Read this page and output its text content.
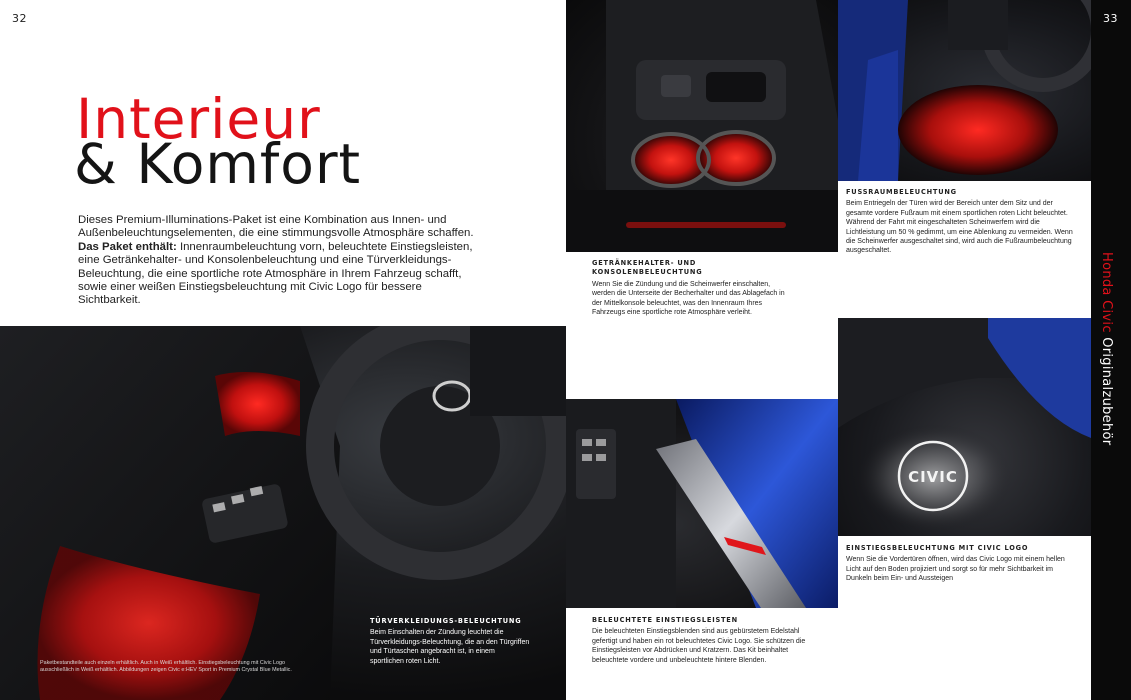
32
Interieur
& Komfort
Dieses Premium-Illuminations-Paket ist eine Kombination aus Innen- und Außenbeleuchtungselementen, die eine stimmungsvolle Atmosphäre schaffen.
Das Paket enthält: Innenraumbeleuchtung vorn, beleuchtete Einstiegsleisten, eine Getränkehalter- und Konsolenbeleuchtung und eine Türverkleidungs-Beleuchtung, die eine sportliche rote Atmosphäre in Ihrem Fahrzeug schafft, sowie einer weißen Einstiegsbeleuchtung mit Civic Logo für bessere Sichtbarkeit.
CIVIC
FUSSRAUMBELEUCHTUNG
Beim Entriegeln der Türen wird der Bereich unter dem Sitz und der gesamte vordere Fußraum mit einem sportlichen roten Licht beleuchtet. Während der Fahrt mit eingeschalteten Scheinwerfern wird die Lichtleistung um 50 % gedimmt, um eine Ablenkung zu vermeiden. Wenn die Scheinwerfer ausgeschaltet sind, wird auch die Fußraumbeleuchtung ausgeschaltet.
GETRÄNKEHALTER- UND KONSOLENBELEUCHTUNG
Wenn Sie die Zündung und die Scheinwerfer einschalten, werden die Unterseite der Becherhalter und das Ablagefach in der Mittelkonsole beleuchtet, was den Innenraum Ihres Fahrzeugs eine sportliche rote Atmosphäre verleiht.
EINSTIEGSBELEUCHTUNG MIT CIVIC LOGO
Wenn Sie die Vordertüren öffnen, wird das Civic Logo mit einem hellen Licht auf den Boden projiziert und sorgt so für mehr Sichtbarkeit im Dunkeln beim Ein- und Aussteigen
BELEUCHTETE EINSTIEGSLEISTEN
Die beleuchteten Einstiegsblenden sind aus gebürstetem Edelstahl gefertigt und haben ein rot beleuchtetes Civic Logo. Sie schützen die Einstiegsleisten vor Abdrücken und Kratzern. Das Kit beinhaltet beleuchtete vordere und unbeleuchtete hintere Blenden.
TÜRVERKLEIDUNGS-BELEUCHTUNG
Beim Einschalten der Zündung leuchtet die Türverkleidungs-Beleuchtung, die an den Türgriffen und Türtaschen angebracht ist, in einem sportlichen roten Licht.
Paketbestandteile auch einzeln erhältlich. Auch in Weiß erhältlich. Einstiegsbeleuchtung mit Civic Logo ausschließlich in Weiß erhältlich. Abbildungen zeigen Civic e:HEV Sport in Premium Crystal Blue Metallic.
33
Honda Civic Originalzubehör
